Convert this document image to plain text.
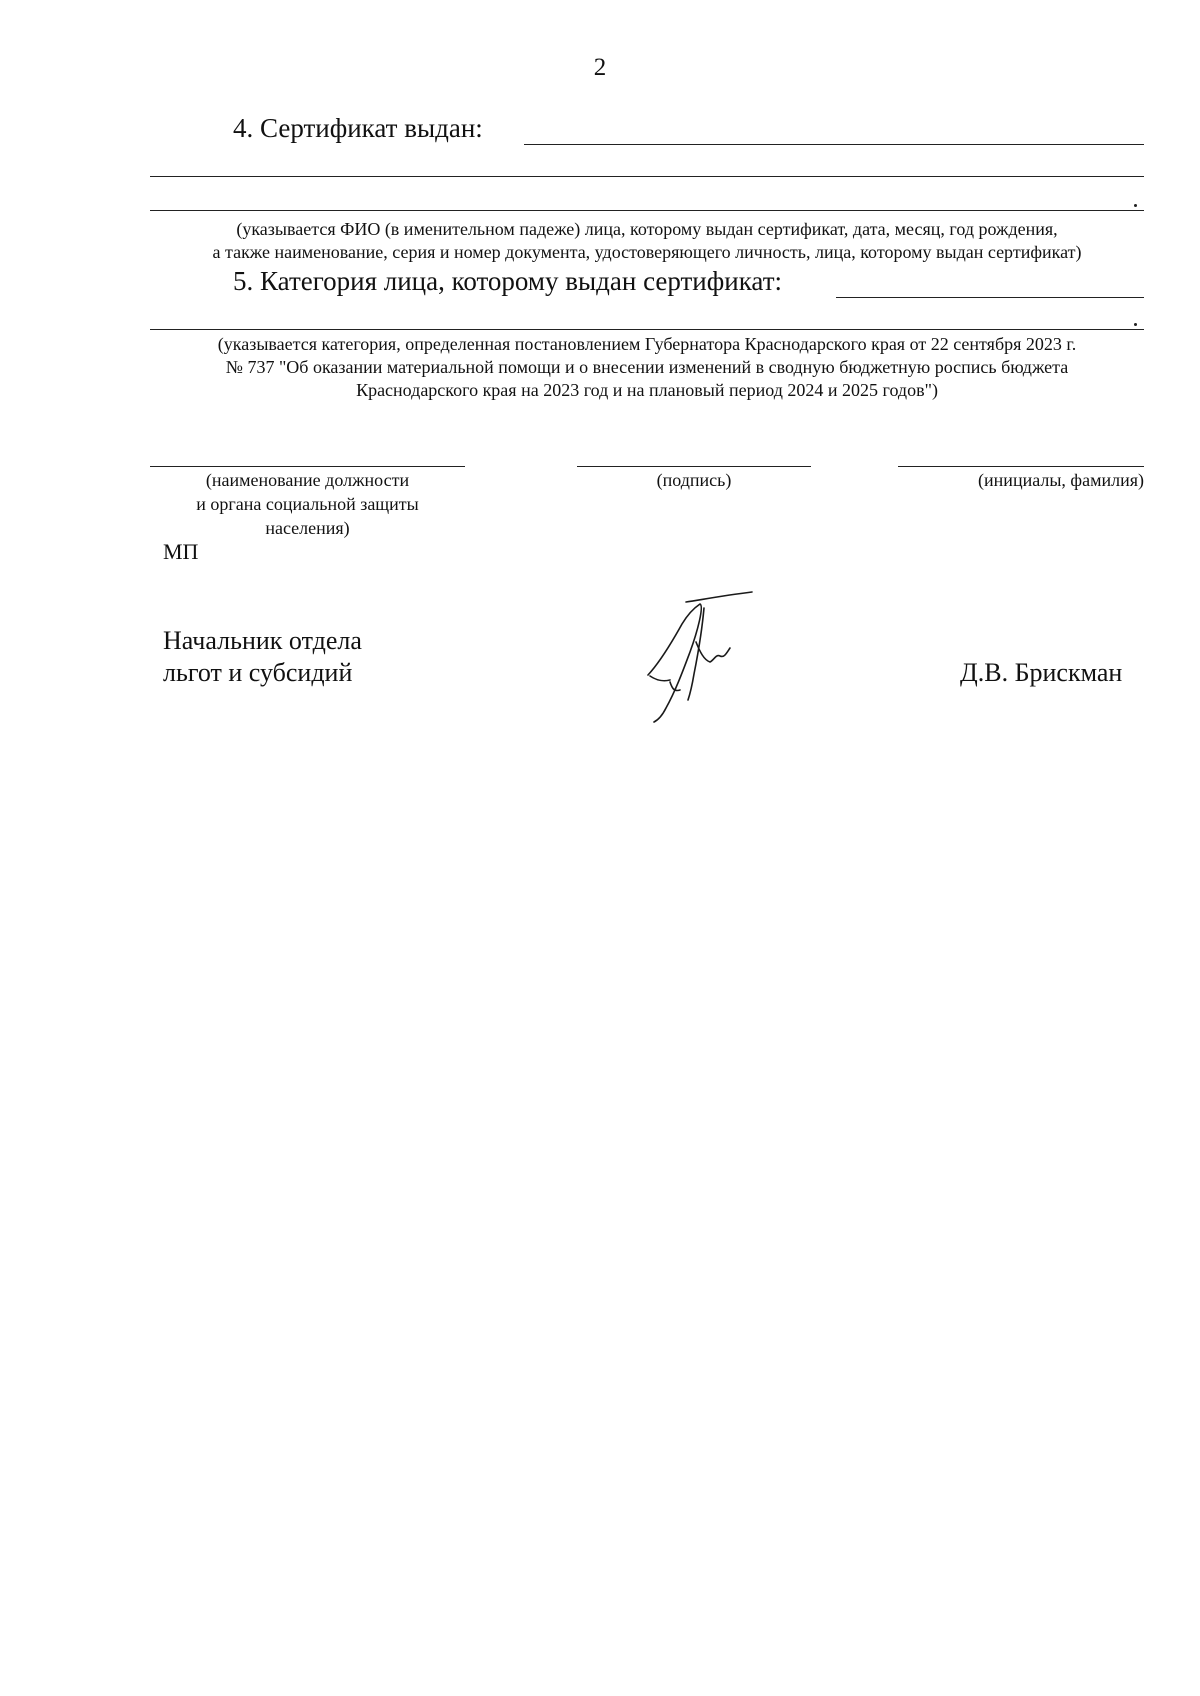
2
4. Сертификат выдан:
(указывается ФИО (в именительном падеже) лица, которому выдан сертификат, дата, месяц, год рождения,
а также наименование, серия и номер документа, удостоверяющего личность, лица, которому выдан сертификат)
5. Категория лица, которому выдан сертификат:
(указывается категория, определенная постановлением Губернатора Краснодарского края от 22 сентября 2023 г.
№ 737 "Об оказании материальной помощи и о внесении изменений в сводную бюджетную роспись бюджета
Краснодарского края на 2023 год и на плановый период 2024 и 2025 годов")
(наименование должности
и органа социальной защиты
населения)
(подпись)	(инициалы, фамилия)
МП
Начальник отдела
льгот и субсидий	Д.В. Брискман
